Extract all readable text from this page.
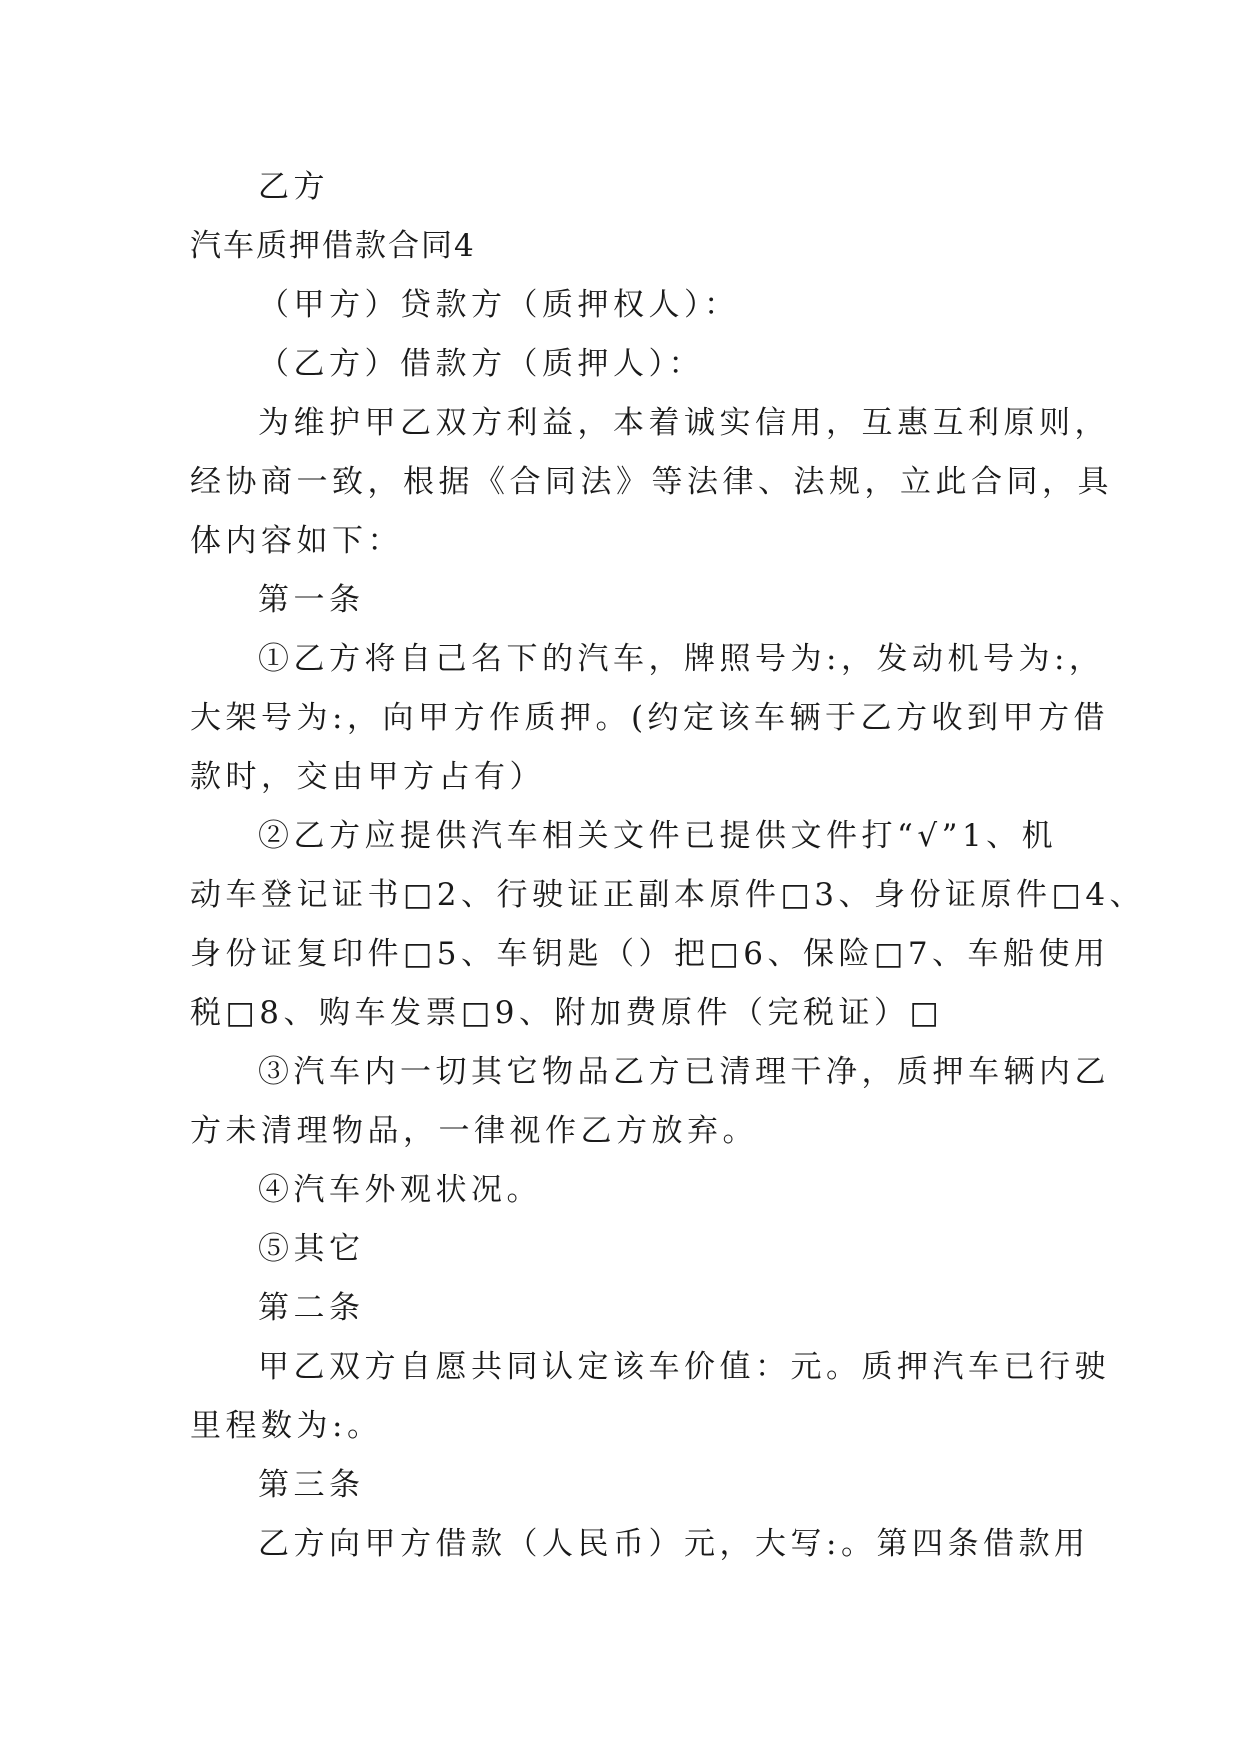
乙方

汽车质押借款合同4

（甲方）贷款方（质押权人）：

（乙方）借款方（质押人）：

为维护甲乙双方利益，本着诚实信用，互惠互利原则，

经协商一致，根据《合同法》等法律、法规，立此合同，具

体内容如下：

第一条

①乙方将自己名下的汽车，牌照号为:，发动机号为:，

大架号为:，向甲方作质押。(约定该车辆于乙方收到甲方借

款时，交由甲方占有）

②乙方应提供汽车相关文件已提供文件打“√”1、机

动车登记证书□2、行驶证正副本原件□3、身份证原件□4、

身份证复印件□5、车钥匙（）把□6、保险□7、车船使用

税□8、购车发票□9、附加费原件（完税证）□

③汽车内一切其它物品乙方已清理干净，质押车辆内乙

方未清理物品，一律视作乙方放弃。

④汽车外观状况。

⑤其它

第二条

甲乙双方自愿共同认定该车价值：元。质押汽车已行驶

里程数为:。

第三条

乙方向甲方借款（人民币）元，大写:。第四条借款用
